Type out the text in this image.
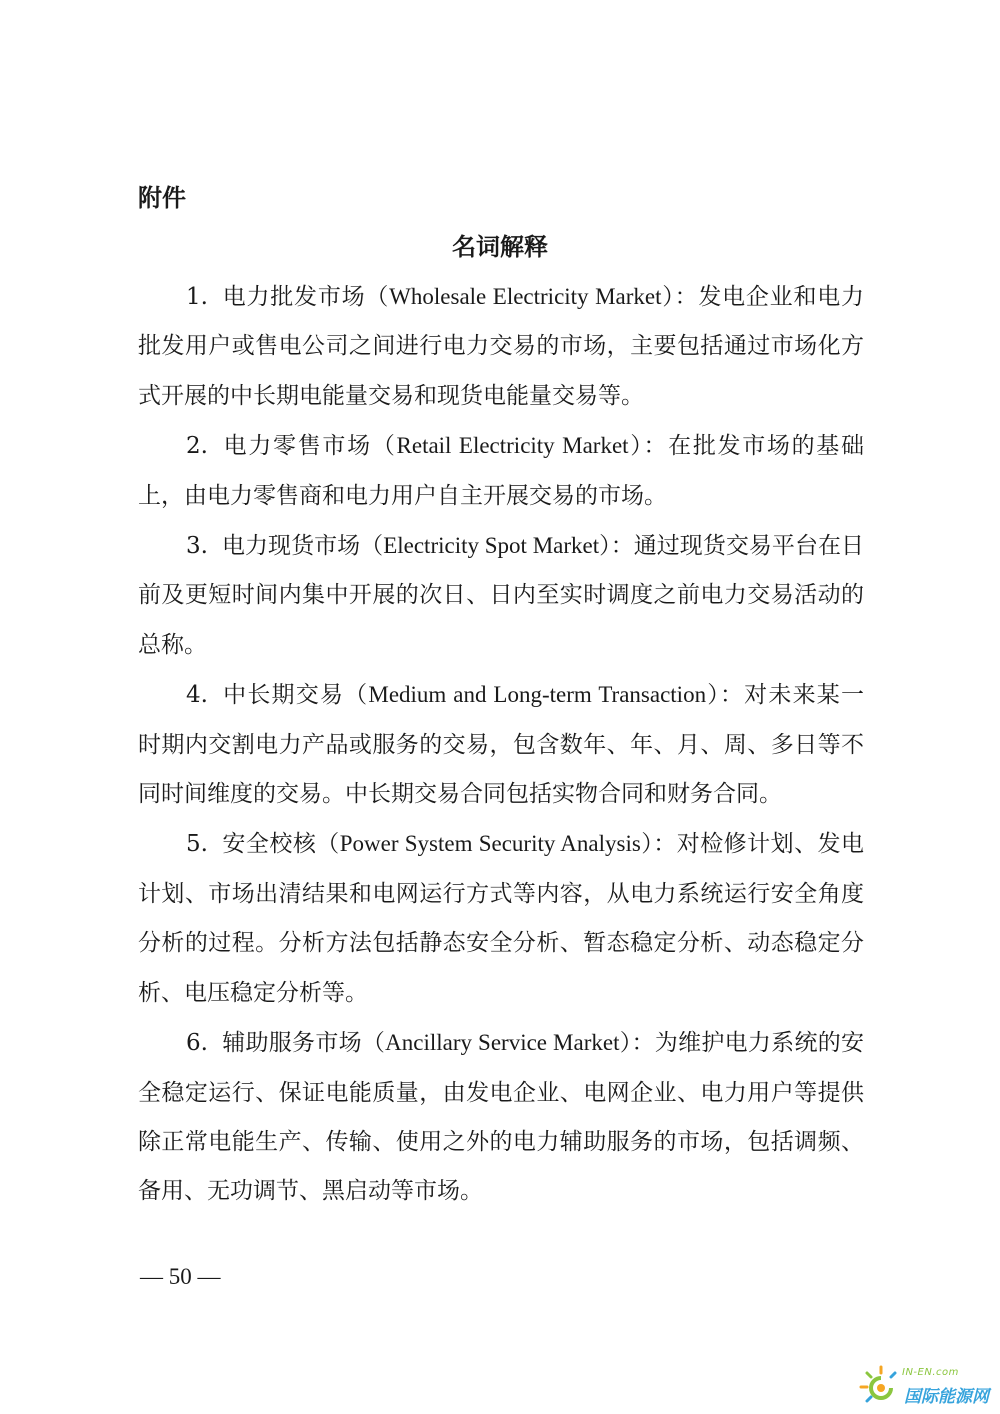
附件
名词解释

1. 电力批发市场（Wholesale Electricity Market）：发电企业和电力批发用户或售电公司之间进行电力交易的市场，主要包括通过市场化方式开展的中长期电能量交易和现货电能量交易等。

2. 电力零售市场（Retail Electricity Market）：在批发市场的基础上，由电力零售商和电力用户自主开展交易的市场。

3. 电力现货市场（Electricity Spot Market）：通过现货交易平台在日前及更短时间内集中开展的次日、日内至实时调度之前电力交易活动的总称。

4. 中长期交易（Medium and Long-term Transaction）：对未来某一时期内交割电力产品或服务的交易，包含数年、年、月、周、多日等不同时间维度的交易。中长期交易合同包括实物合同和财务合同。

5. 安全校核（Power System Security Analysis）：对检修计划、发电计划、市场出清结果和电网运行方式等内容，从电力系统运行安全角度分析的过程。分析方法包括静态安全分析、暂态稳定分析、动态稳定分析、电压稳定分析等。

6. 辅助服务市场（Ancillary Service Market）：为维护电力系统的安全稳定运行、保证电能质量，由发电企业、电网企业、电力用户等提供除正常电能生产、传输、使用之外的电力辅助服务的市场，包括调频、备用、无功调节、黑启动等市场。

— 50 —
IN-EN.com
国际能源网
